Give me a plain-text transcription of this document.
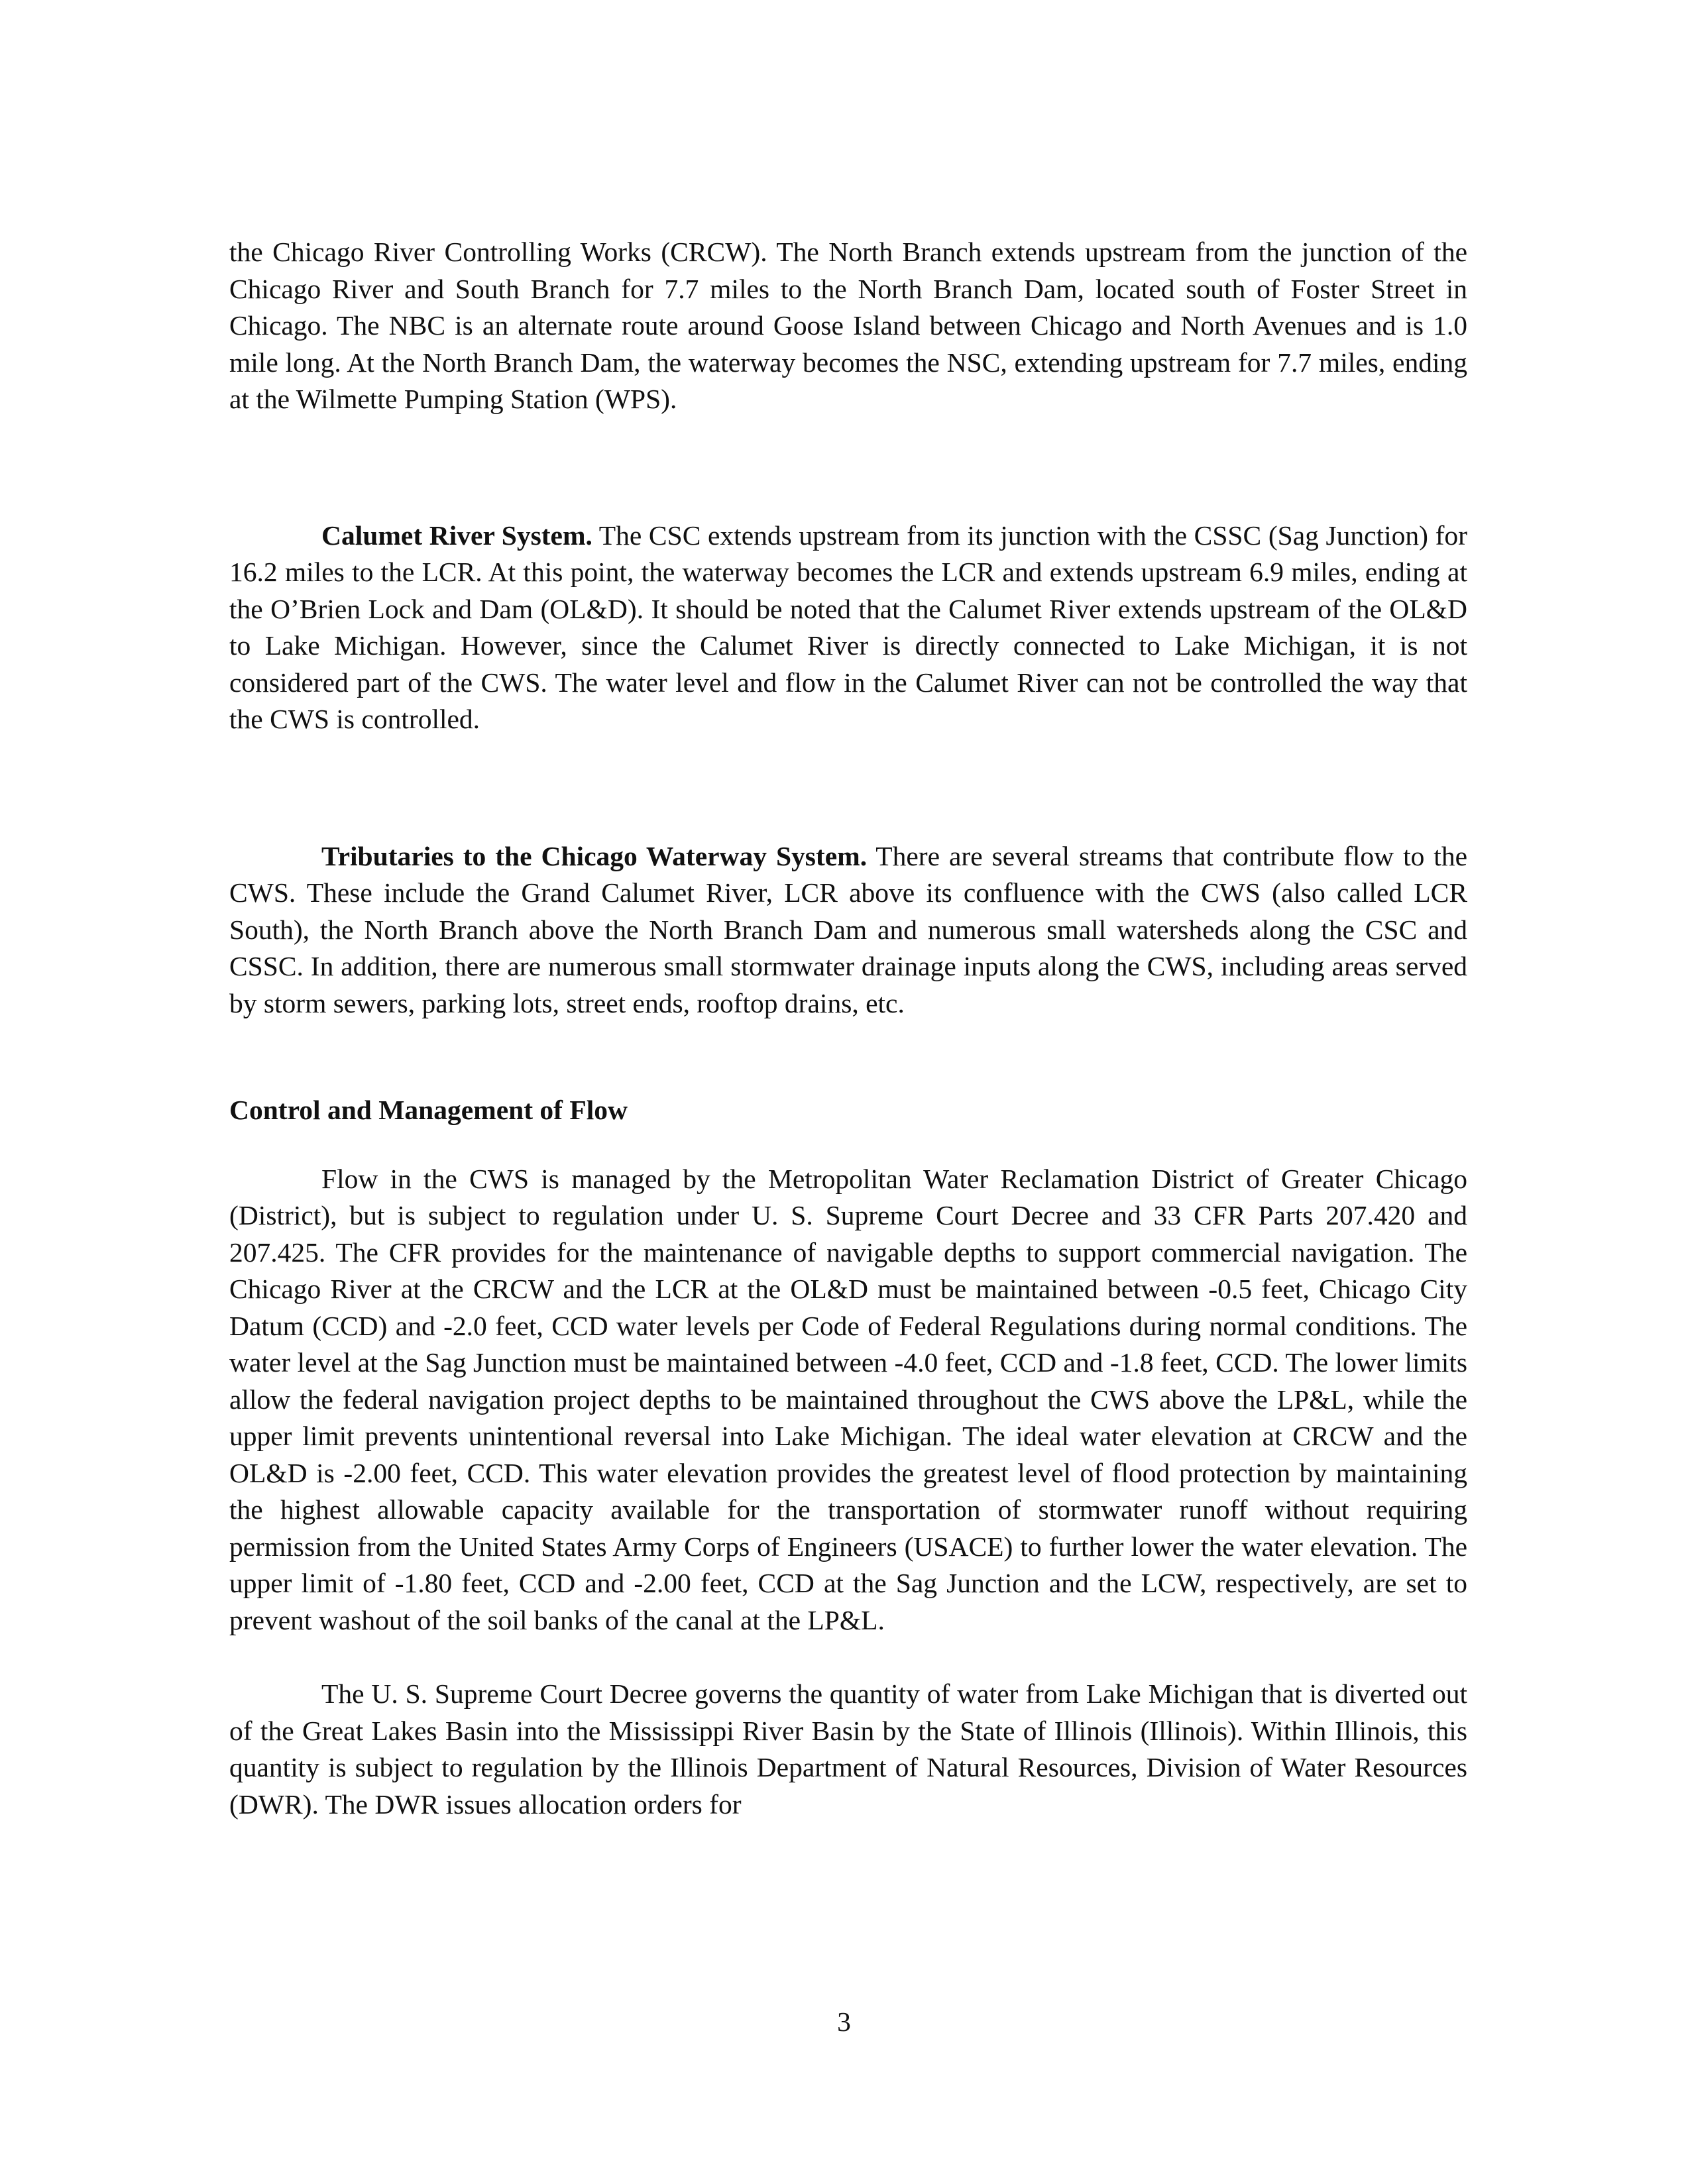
the Chicago River Controlling Works (CRCW). The North Branch extends upstream from the junction of the Chicago River and South Branch for 7.7 miles to the North Branch Dam, located south of Foster Street in Chicago. The NBC is an alternate route around Goose Island between Chicago and North Avenues and is 1.0 mile long. At the North Branch Dam, the waterway becomes the NSC, extending upstream for 7.7 miles, ending at the Wilmette Pumping Station (WPS).

Calumet River System. The CSC extends upstream from its junction with the CSSC (Sag Junction) for 16.2 miles to the LCR. At this point, the waterway becomes the LCR and extends upstream 6.9 miles, ending at the O’Brien Lock and Dam (OL&D). It should be noted that the Calumet River extends upstream of the OL&D to Lake Michigan. However, since the Calumet River is directly connected to Lake Michigan, it is not considered part of the CWS. The water level and flow in the Calumet River can not be controlled the way that the CWS is controlled.

Tributaries to the Chicago Waterway System. There are several streams that contribute flow to the CWS. These include the Grand Calumet River, LCR above its confluence with the CWS (also called LCR South), the North Branch above the North Branch Dam and numerous small watersheds along the CSC and CSSC. In addition, there are numerous small stormwater drainage inputs along the CWS, including areas served by storm sewers, parking lots, street ends, rooftop drains, etc.

Control and Management of Flow

Flow in the CWS is managed by the Metropolitan Water Reclamation District of Greater Chicago (District), but is subject to regulation under U. S. Supreme Court Decree and 33 CFR Parts 207.420 and 207.425. The CFR provides for the maintenance of navigable depths to support commercial navigation. The Chicago River at the CRCW and the LCR at the OL&D must be maintained between -0.5 feet, Chicago City Datum (CCD) and -2.0 feet, CCD water levels per Code of Federal Regulations during normal conditions. The water level at the Sag Junction must be maintained between -4.0 feet, CCD and -1.8 feet, CCD. The lower limits allow the federal navigation project depths to be maintained throughout the CWS above the LP&L, while the upper limit prevents unintentional reversal into Lake Michigan. The ideal water elevation at CRCW and the OL&D is -2.00 feet, CCD. This water elevation provides the greatest level of flood protection by maintaining the highest allowable capacity available for the transportation of stormwater runoff without requiring permission from the United States Army Corps of Engineers (USACE) to further lower the water elevation. The upper limit of -1.80 feet, CCD and -2.00 feet, CCD at the Sag Junction and the LCW, respectively, are set to prevent washout of the soil banks of the canal at the LP&L.

The U. S. Supreme Court Decree governs the quantity of water from Lake Michigan that is diverted out of the Great Lakes Basin into the Mississippi River Basin by the State of Illinois (Illinois). Within Illinois, this quantity is subject to regulation by the Illinois Department of Natural Resources, Division of Water Resources (DWR). The DWR issues allocation orders for

3
